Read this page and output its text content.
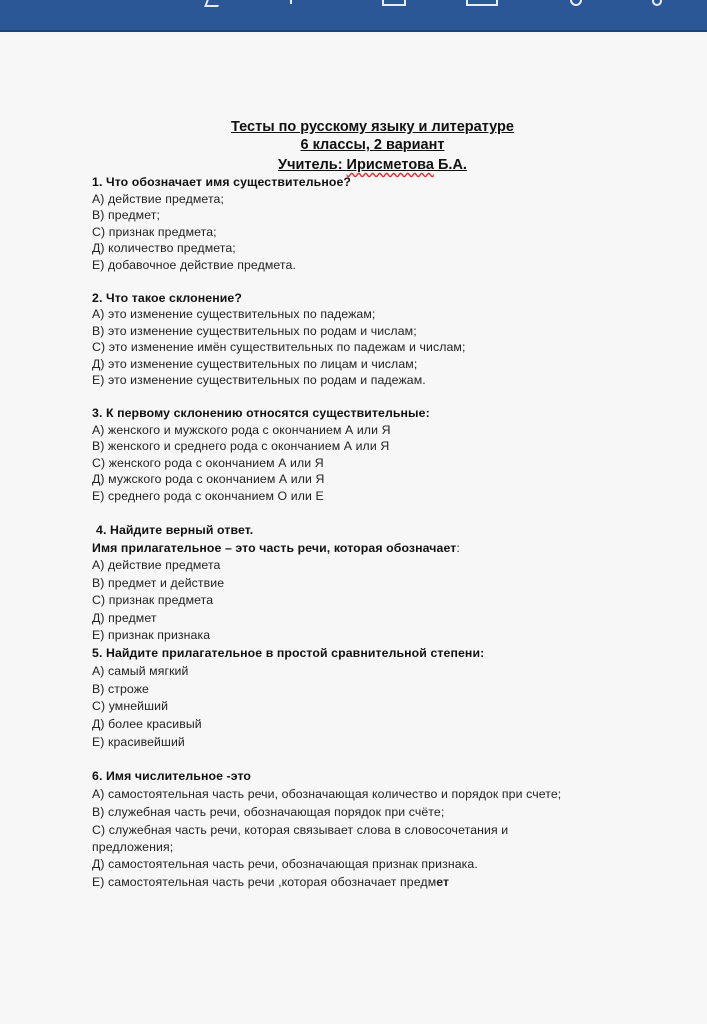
Тесты по русскому языку и литературе
6 классы, 2 вариант
Учитель: Ирисметова Б.А.
1. Что обозначает имя существительное?
А) действие предмета;
В) предмет;
С) признак предмета;
Д) количество предмета;
Е) добавочное действие предмета.
2. Что такое склонение?
А) это изменение существительных по падежам;
В) это изменение существительных по родам и числам;
С) это изменение имён существительных по падежам и числам;
Д) это изменение существительных по лицам и числам;
Е) это изменение существительных по родам и падежам.
3. К первому склонению относятся существительные:
А) женского и мужского рода с окончанием А или Я
В) женского и среднего рода с окончанием А или Я
С) женского рода с окончанием А или Я
Д) мужского рода с окончанием А или Я
Е) среднего рода с окончанием О или Е
4. Найдите верный ответ.
Имя прилагательное – это часть речи, которая обозначает:
А) действие предмета
В) предмет и действие
С) признак предмета
Д) предмет
Е) признак признака
5. Найдите прилагательное в простой сравнительной степени:
А) самый мягкий
В) строже
С) умнейший
Д) более красивый
Е) красивейший
6. Имя числительное -это
А) самостоятельная часть речи, обозначающая количество и порядок при счете;
В) служебная часть речи, обозначающая порядок при счёте;
С) служебная часть речи, которая связывает слова в словосочетания и
предложения;
Д) самостоятельная часть речи, обозначающая признак признака.
Е) самостоятельная часть речи ,которая обозначает предмет
